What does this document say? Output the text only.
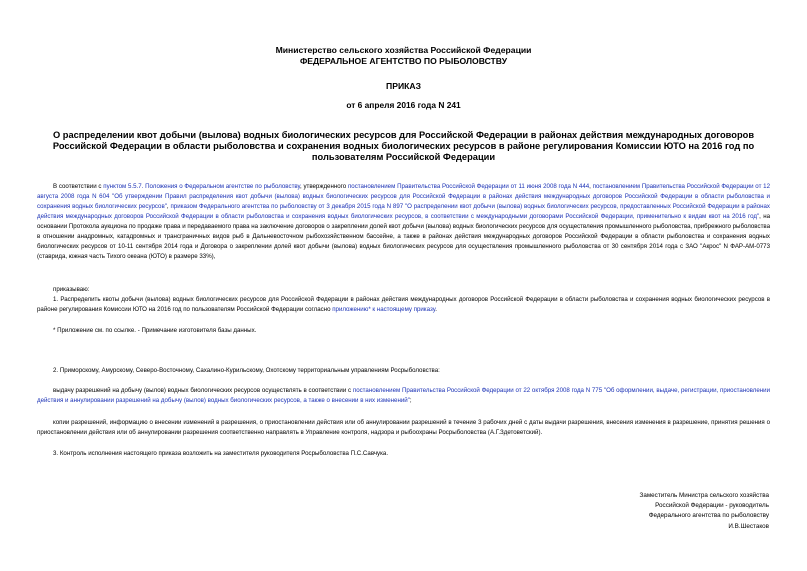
Министерство сельского хозяйства Российской Федерации
ФЕДЕРАЛЬНОЕ АГЕНТСТВО ПО РЫБОЛОВСТВУ
ПРИКАЗ
от 6 апреля 2016 года N 241
О распределении квот добычи (вылова) водных биологических ресурсов для Российской Федерации в районах действия международных договоров Российской Федерации в области рыболовства и сохранения водных биологических ресурсов в районе регулирования Комиссии ЮТО на 2016 год по пользователям Российской Федерации
В соответствии с пунктом 5.5.7. Положения о Федеральном агентстве по рыболовству, утвержденного постановлением Правительства Российской Федерации от 11 июня 2008 года N 444, постановлением Правительства Российской Федерации от 12 августа 2008 года N 604 "Об утверждении Правил распределения квот добычи (вылова) водных биологических ресурсов для Российской Федерации в районах действия международных договоров Российской Федерации в области рыболовства и сохранения водных биологических ресурсов", приказом Федерального агентства по рыболовству от 3 декабря 2015 года N 897 "О распределении квот добычи (вылова) водных биологических ресурсов, предоставленных Российской Федерации в районах действия международных договоров Российской Федерации в области рыболовства и сохранения водных биологических ресурсов, в соответствии с международными договорами Российской Федерации, применительно к видам квот на 2016 год", на основании Протокола аукциона по продаже права и передаваемого права на заключение договоров о закреплении долей квот добычи (вылова) водных биологических ресурсов для осуществления промышленного рыболовства, прибрежного рыболовства в отношении анадромных, катадромных и трансграничных видов рыб в Дальневосточном рыбохозяйственном бассейне, а также в районах действия международных договоров Российской Федерации в области рыболовства и сохранения водных биологических ресурсов от 10-11 сентября 2014 года и Договора о закреплении долей квот добычи (вылова) водных биологических ресурсов для осуществления промышленного рыболовства от 30 сентября 2014 года с ЗАО "Акрос" N ФАР-АМ-0773 (ставрида, южная часть Тихого океана (ЮТО) в размере 33%),
приказываю:
1. Распределить квоты добычи (вылова) водных биологических ресурсов для Российской Федерации в районах действия международных договоров Российской Федерации в области рыболовства и сохранения водных биологических ресурсов в районе регулирования Комиссии ЮТО на 2016 год по пользователям Российской Федерации согласно приложению* к настоящему приказу.
* Приложение см. по ссылке. - Примечание изготовителя базы данных.
2. Приморскому, Амурскому, Северо-Восточному, Сахалино-Курильскому, Охотскому территориальным управлениям Росрыболовства:
выдачу разрешений на добычу (вылов) водных биологических ресурсов осуществлять в соответствии с постановлением Правительства Российской Федерации от 22 октября 2008 года N 775 "Об оформлении, выдаче, регистрации, приостановлении действия и аннулировании разрешений на добычу (вылов) водных биологических ресурсов, а также о внесении в них изменений";
копии разрешений, информацию о внесении изменений в разрешения, о приостановлении действия или об аннулировании разрешений в течение 3 рабочих дней с даты выдачи разрешения, внесения изменения в разрешение, принятия решения о приостановлении действия или об аннулировании разрешения соответственно направлять в Управление контроля, надзора и рыбоохраны Росрыболовства (А.Г.Здетоветский).
3. Контроль исполнения настоящего приказа возложить на заместителя руководителя Росрыболовства П.С.Савчука.
Заместитель Министра сельского хозяйства
Российской Федерации - руководитель
Федерального агентства по рыболовству
И.В.Шестаков
